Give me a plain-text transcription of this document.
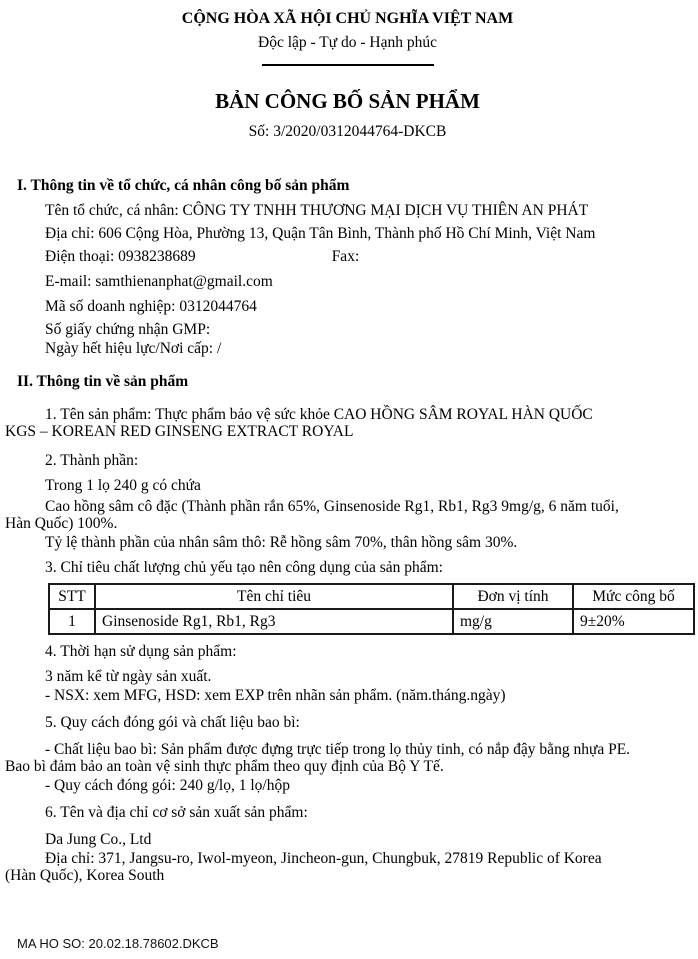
CỘNG HÒA XÃ HỘI CHỦ NGHĨA VIỆT NAM

Độc lập - Tự do - Hạnh phúc

BẢN CÔNG BỐ SẢN PHẨM

Số: 3/2020/0312044764-DKCB

I. Thông tin về tổ chức, cá nhân công bố sản phẩm

Tên tổ chức, cá nhân: CÔNG TY TNHH THƯƠNG MẠI DỊCH VỤ THIÊN AN PHÁT

Địa chỉ: 606 Cộng Hòa, Phường 13, Quận Tân Bình, Thành phố Hồ Chí Minh, Việt Nam

Điện thoại: 0938238689	Fax:

E-mail: samthienanphat@gmail.com

Mã số doanh nghiệp: 0312044764

Số giấy chứng nhận GMP:

Ngày hết hiệu lực/Nơi cấp: /

II. Thông tin về sản phẩm

1. Tên sản phẩm: Thực phẩm bảo vệ sức khỏe CAO HỒNG SÂM ROYAL HÀN QUỐC

KGS – KOREAN RED GINSENG EXTRACT ROYAL

2. Thành phần:

Trong 1 lọ 240 g có chứa

Cao hồng sâm cô đặc (Thành phần rắn 65%, Ginsenoside Rg1, Rb1, Rg3 9mg/g, 6 năm tuổi,

Hàn Quốc) 100%.

Tỷ lệ thành phần của nhân sâm thô: Rễ hồng sâm 70%, thân hồng sâm 30%.

3. Chỉ tiêu chất lượng chủ yếu tạo nên công dụng của sản phẩm:

STT	Tên chỉ tiêu	Đơn vị tính	Mức công bố
1	Ginsenoside Rg1, Rb1, Rg3	mg/g	9±20%

4. Thời hạn sử dụng sản phẩm:

3 năm kể từ ngày sản xuất.

- NSX: xem MFG, HSD: xem EXP trên nhãn sản phẩm. (năm.tháng.ngày)

5. Quy cách đóng gói và chất liệu bao bì:

- Chất liệu bao bì: Sản phẩm được đựng trực tiếp trong lọ thủy tinh, có nắp đậy bằng nhựa PE.

Bao bì đảm bảo an toàn vệ sinh thực phẩm theo quy định của Bộ Y Tế.

- Quy cách đóng gói: 240 g/lọ, 1 lọ/hộp

6. Tên và địa chỉ cơ sở sản xuất sản phẩm:

Da Jung Co., Ltd

Địa chỉ: 371, Jangsu-ro, Iwol-myeon, Jincheon-gun, Chungbuk, 27819 Republic of Korea

(Hàn Quốc), Korea South

MA HO SO: 20.02.18.78602.DKCB
